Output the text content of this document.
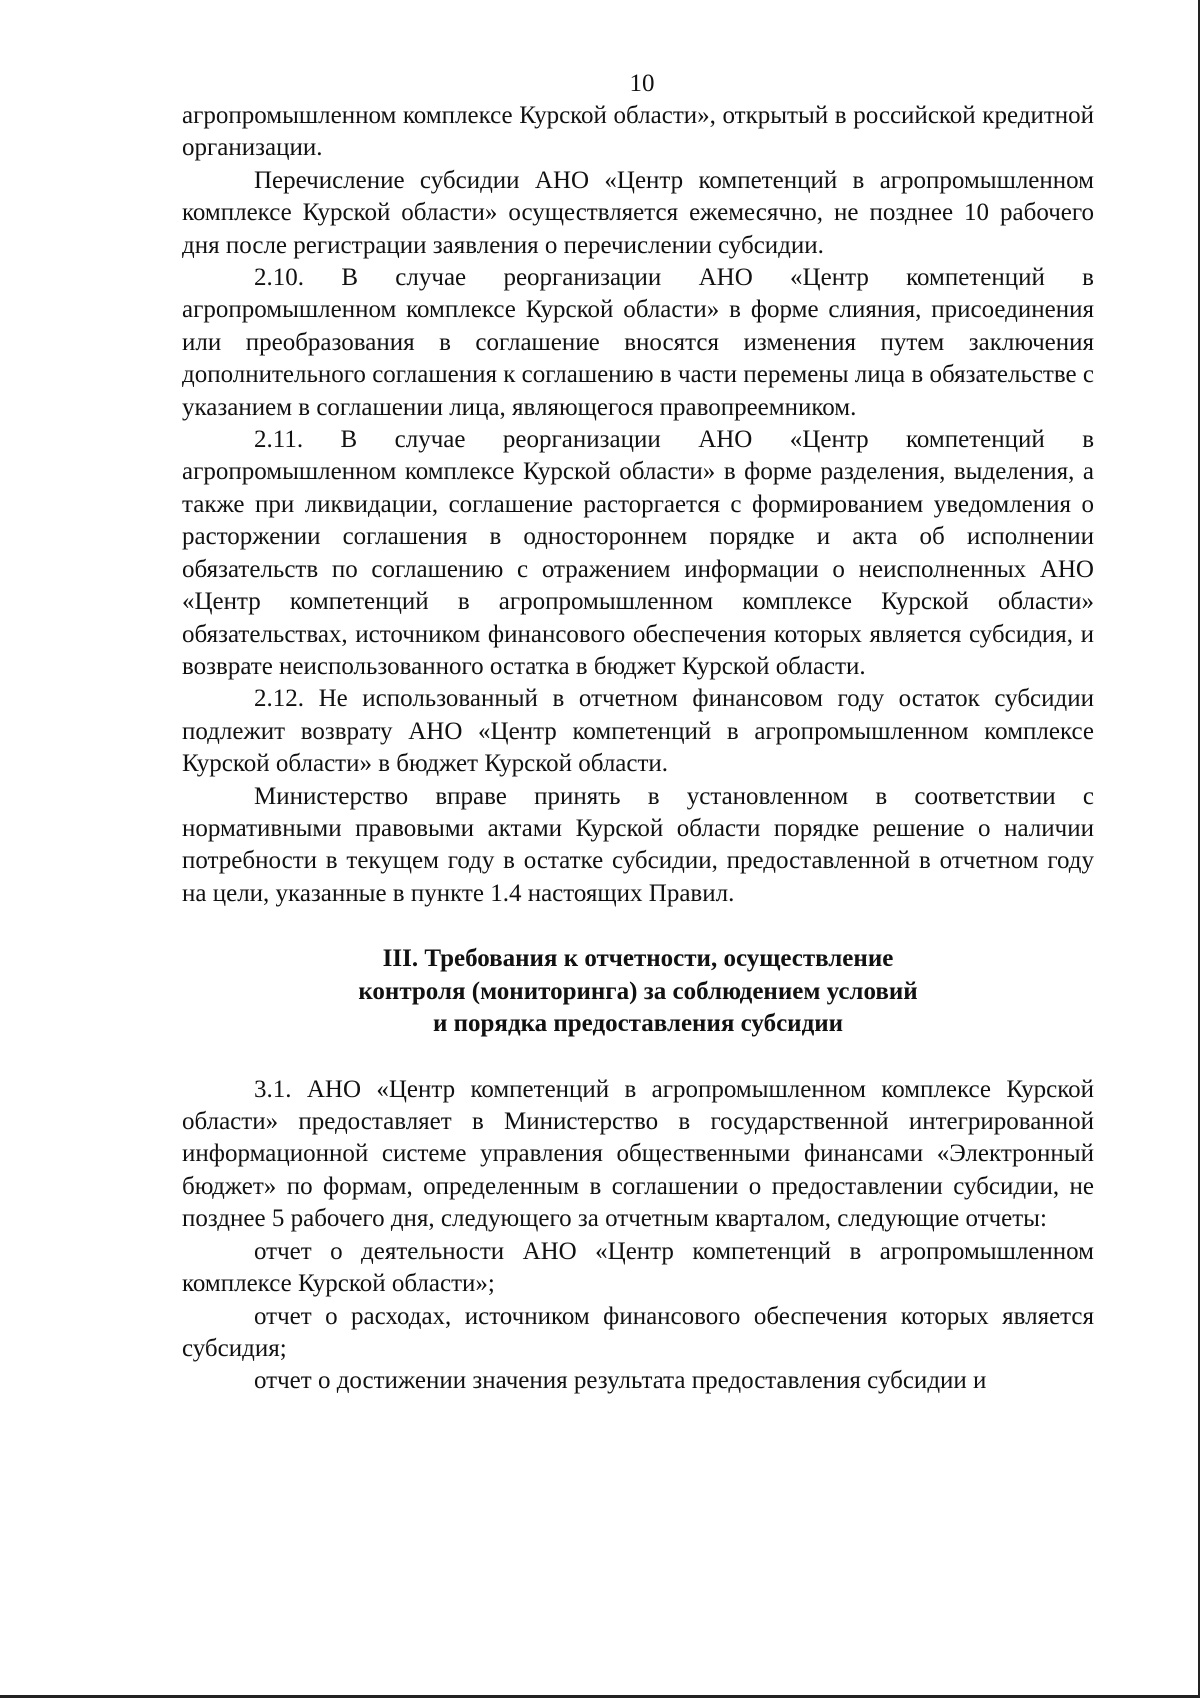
10

агропромышленном комплексе Курской области», открытый в российской кредитной организации.

Перечисление субсидии АНО «Центр компетенций в агропромышленном комплексе Курской области» осуществляется ежемесячно, не позднее 10 рабочего дня после регистрации заявления о перечислении субсидии.

2.10. В случае реорганизации АНО «Центр компетенций в агропромышленном комплексе Курской области» в форме слияния, присоединения или преобразования в соглашение вносятся изменения путем заключения дополнительного соглашения к соглашению в части перемены лица в обязательстве с указанием в соглашении лица, являющегося правопреемником.

2.11. В случае реорганизации АНО «Центр компетенций в агропромышленном комплексе Курской области» в форме разделения, выделения, а также при ликвидации, соглашение расторгается с формированием уведомления о расторжении соглашения в одностороннем порядке и акта об исполнении обязательств по соглашению с отражением информации о неисполненных АНО «Центр компетенций в агропромышленном комплексе Курской области» обязательствах, источником финансового обеспечения которых является субсидия, и возврате неиспользованного остатка в бюджет Курской области.

2.12. Не использованный в отчетном финансовом году остаток субсидии подлежит возврату АНО «Центр компетенций в агропромышленном комплексе Курской области» в бюджет Курской области.

Министерство вправе принять в установленном в соответствии с нормативными правовыми актами Курской области порядке решение о наличии потребности в текущем году в остатке субсидии, предоставленной в отчетном году на цели, указанные в пункте 1.4 настоящих Правил.

III. Требования к отчетности, осуществление
контроля (мониторинга) за соблюдением условий
и порядка предоставления субсидии

3.1. АНО «Центр компетенций в агропромышленном комплексе Курской области» предоставляет в Министерство в государственной интегрированной информационной системе управления общественными финансами «Электронный бюджет» по формам, определенным в соглашении о предоставлении субсидии, не позднее 5 рабочего дня, следующего за отчетным кварталом, следующие отчеты:

отчет о деятельности АНО «Центр компетенций в агропромышленном комплексе Курской области»;

отчет о расходах, источником финансового обеспечения которых является субсидия;

отчет о достижении значения результата предоставления субсидии и
